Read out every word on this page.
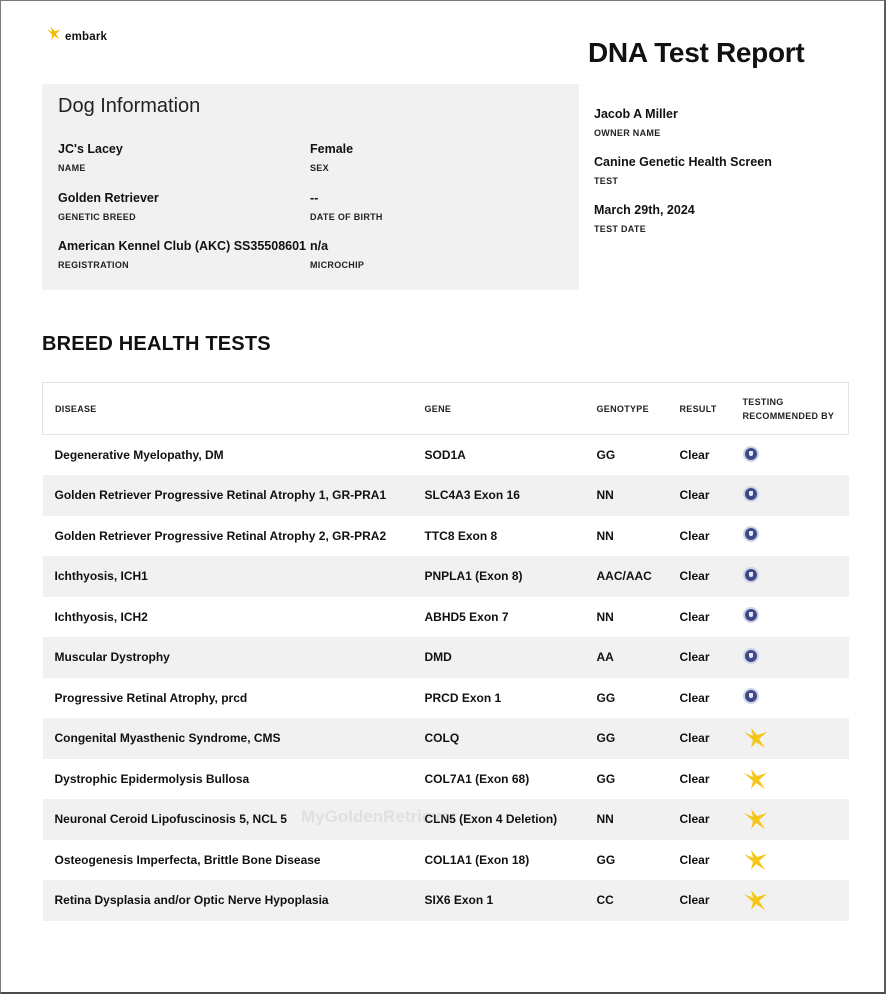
embark
DNA Test Report
Dog Information
JC's Lacey
NAME
Female
SEX
Golden Retriever
GENETIC BREED
--
DATE OF BIRTH
American Kennel Club (AKC) SS35508601
REGISTRATION
n/a
MICROCHIP
Jacob A Miller
OWNER NAME
Canine Genetic Health Screen
TEST
March 29th, 2024
TEST DATE
BREED HEALTH TESTS
DISEASE	GENE	GENOTYPE	RESULT	TESTING
RECOMMENDED BY

Degenerative Myelopathy, DM	SOD1A	GG	Clear	
Golden Retriever Progressive Retinal Atrophy 1, GR-PRA1	SLC4A3 Exon 16	NN	Clear	
Golden Retriever Progressive Retinal Atrophy 2, GR-PRA2	TTC8 Exon 8	NN	Clear	
Ichthyosis, ICH1	PNPLA1 (Exon 8)	AAC/AAC	Clear	
Ichthyosis, ICH2	ABHD5 Exon 7	NN	Clear	
Muscular Dystrophy	DMD	AA	Clear	
Progressive Retinal Atrophy, prcd	PRCD Exon 1	GG	Clear	
Congenital Myasthenic Syndrome, CMS	COLQ	GG	Clear	

Dystrophic Epidermolysis Bullosa	COL7A1 (Exon 68)	GG	Clear	

Neuronal Ceroid Lipofuscinosis 5, NCL 5	CLN5 (Exon 4 Deletion)	NN	Clear	

Osteogenesis Imperfecta, Brittle Bone Disease	COL1A1 (Exon 18)	GG	Clear	

Retina Dysplasia and/or Optic Nerve Hypoplasia	SIX6 Exon 1	CC	Clear	
MyGoldenRetriever
